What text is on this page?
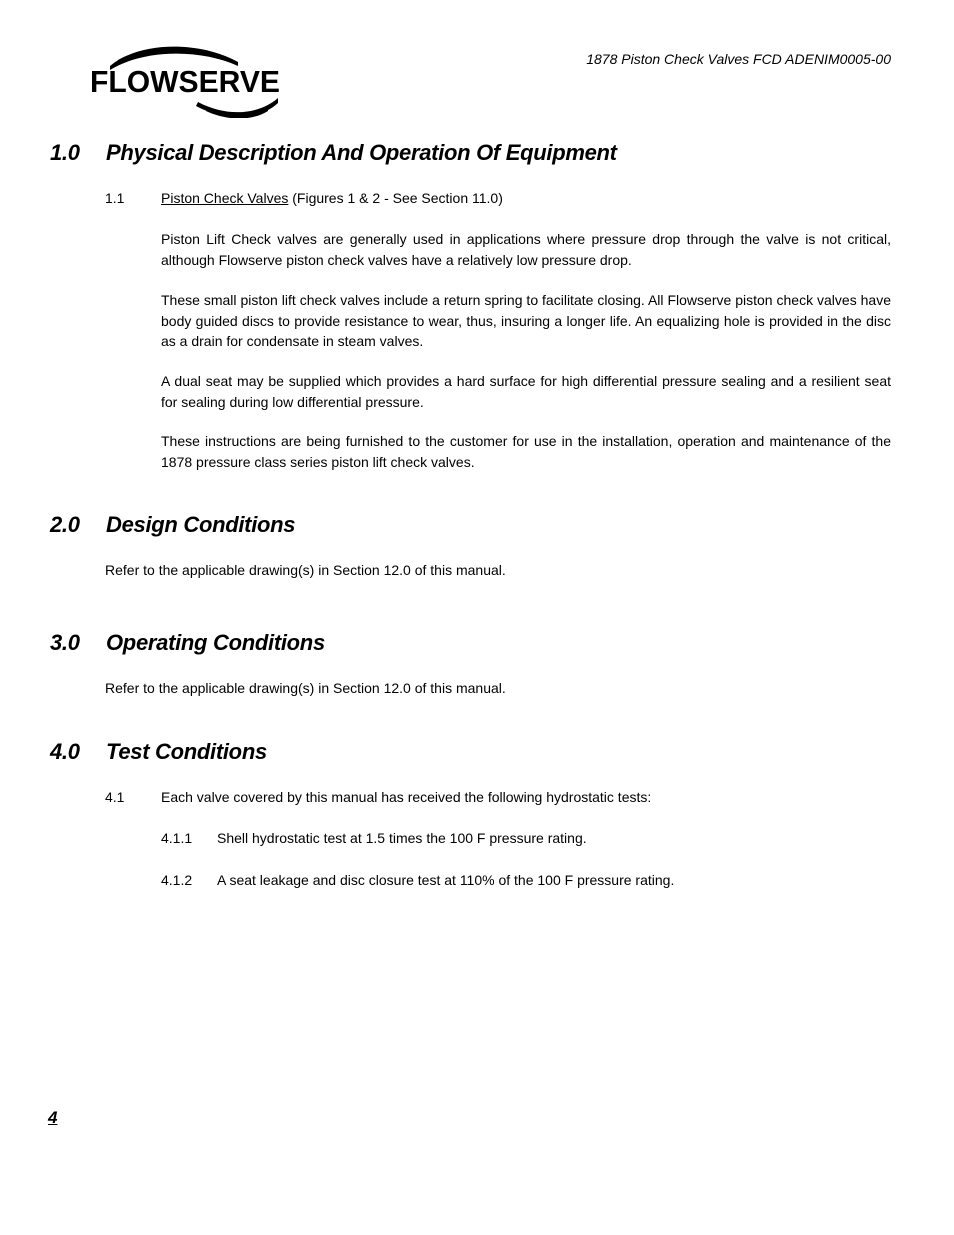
FLOWSERVE
1878 Piston Check Valves FCD ADENIM0005-00
1.0 Physical Description And Operation Of Equipment
1.1	Piston Check Valves (Figures 1 & 2 - See Section 11.0)
Piston Lift Check valves are generally used in applications where pressure drop through the valve is not critical, although Flowserve piston check valves have a relatively low pressure drop.
These small piston lift check valves include a return spring to facilitate closing. All Flowserve piston check valves have body guided discs to provide resistance to wear, thus, insuring a longer life. An equalizing hole is provided in the disc as a drain for condensate in steam valves.
A dual seat may be supplied which provides a hard surface for high differential pressure sealing and a resilient seat for sealing during low differential pressure.
These instructions are being furnished to the customer for use in the installation, operation and maintenance of the 1878 pressure class series piston lift check valves.
2.0 Design Conditions
Refer to the applicable drawing(s) in Section 12.0 of this manual.
3.0 Operating Conditions
Refer to the applicable drawing(s) in Section 12.0 of this manual.
4.0 Test Conditions
4.1	Each valve covered by this manual has received the following hydrostatic tests:
4.1.1 Shell hydrostatic test at 1.5 times the 100 F pressure rating.
4.1.2 A seat leakage and disc closure test at 110% of the 100 F pressure rating.
4
